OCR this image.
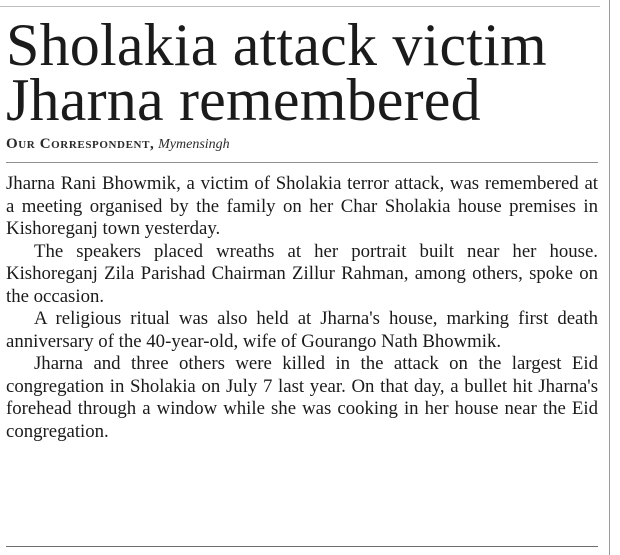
Sholakia attack victim
Jharna remembered
Our Correspondent, Mymensingh

Jharna Rani Bhowmik, a victim of Sholakia terror attack, was remembered at a meeting organised by the family on her Char Sholakia house premises in Kishoreganj town yesterday.

The speakers placed wreaths at her portrait built near her house. Kishoreganj Zila Parishad Chairman Zillur Rahman, among others, spoke on the occasion.

A religious ritual was also held at Jharna's house, marking first death anniversary of the 40-year-old, wife of Gourango Nath Bhowmik.

Jharna and three others were killed in the attack on the largest Eid congregation in Sholakia on July 7 last year. On that day, a bullet hit Jharna's forehead through a window while she was cooking in her house near the Eid congregation.
